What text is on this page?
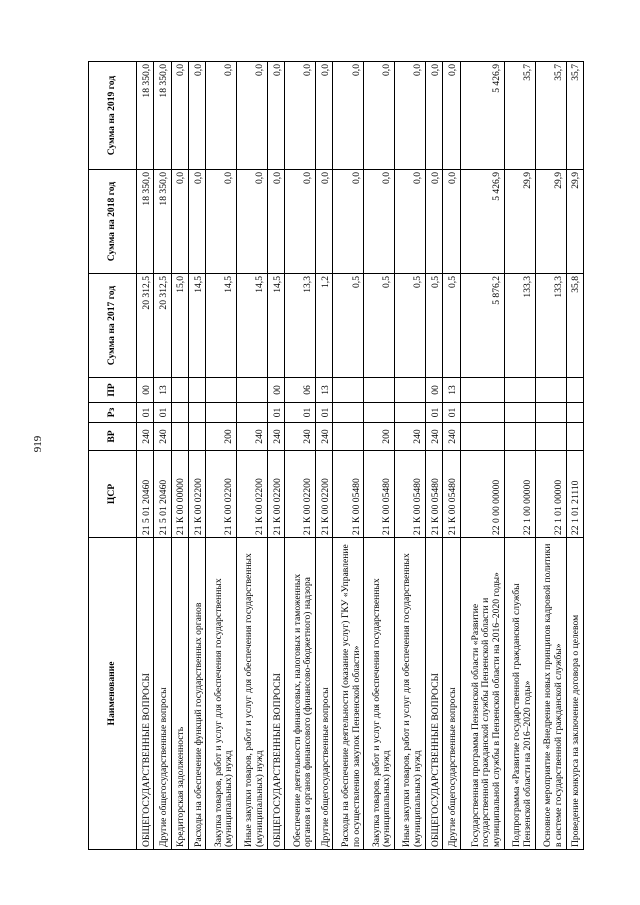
919
Наименование	ЦСР	ВР	Рз	ПР	Сумма на 2017 год	Сумма на 2018 год	Сумма на 2019 год
ОБЩЕГОСУДАРСТВЕННЫЕ ВОПРОСЫ	21 5 01 20460	240	01	00	20 312,5	18 350,0	18 350,0
Другие общегосударственные вопросы	21 5 01 20460	240	01	13	20 312,5	18 350,0	18 350,0
Кредиторская задолженность	21 К 00 00000				15,0	0,0	0,0
Расходы на обеспечение функций государственных органов	21 К 00 02200				14,5	0,0	0,0
Закупка товаров, работ и услуг для обеспечения государственных (муниципальных) нужд	21 К 00 02200	200			14,5	0,0	0,0
Иные закупки товаров, работ и услуг для обеспечения государственных (муниципальных) нужд	21 К 00 02200	240			14,5	0,0	0,0
ОБЩЕГОСУДАРСТВЕННЫЕ ВОПРОСЫ	21 К 00 02200	240	01	00	14,5	0,0	0,0
Обеспечение деятельности финансовых, налоговых и таможенных органов и органов финансового (финансово-бюджетного) надзора	21 К 00 02200	240	01	06	13,3	0,0	0,0
Другие общегосударственные вопросы	21 К 00 02200	240	01	13	1,2	0,0	0,0
Расходы на обеспечение деятельности (оказание услуг) ГКУ «Управление по осуществлению закупок Пензенской области»	21 К 00 05480				0,5	0,0	0,0
Закупка товаров, работ и услуг для обеспечения государственных (муниципальных) нужд	21 К 00 05480	200			0,5	0,0	0,0
Иные закупки товаров, работ и услуг для обеспечения государственных (муниципальных) нужд	21 К 00 05480	240			0,5	0,0	0,0
ОБЩЕГОСУДАРСТВЕННЫЕ ВОПРОСЫ	21 К 00 05480	240	01	00	0,5	0,0	0,0
Другие общегосударственные вопросы	21 К 00 05480	240	01	13	0,5	0,0	0,0
Государственная программа Пензенской области «Развитие государственной гражданской службы Пензенской области и муниципальной службы в Пензенской области на 2016–2020 годы»	22 0 00 00000				5 876,2	5 426,9	5 426,9
Подпрограмма «Развитие государственной гражданской службы Пензенской области на 2016–2020 годы»	22 1 00 00000				133,3	29,9	35,7
Основное мероприятие «Внедрение новых принципов кадровой политики в системе государственной гражданской службы»	22 1 01 00000				133,3	29,9	35,7
Проведение конкурса на заключение договора о целевом	22 1 01 21110				35,8	29,9	35,7
